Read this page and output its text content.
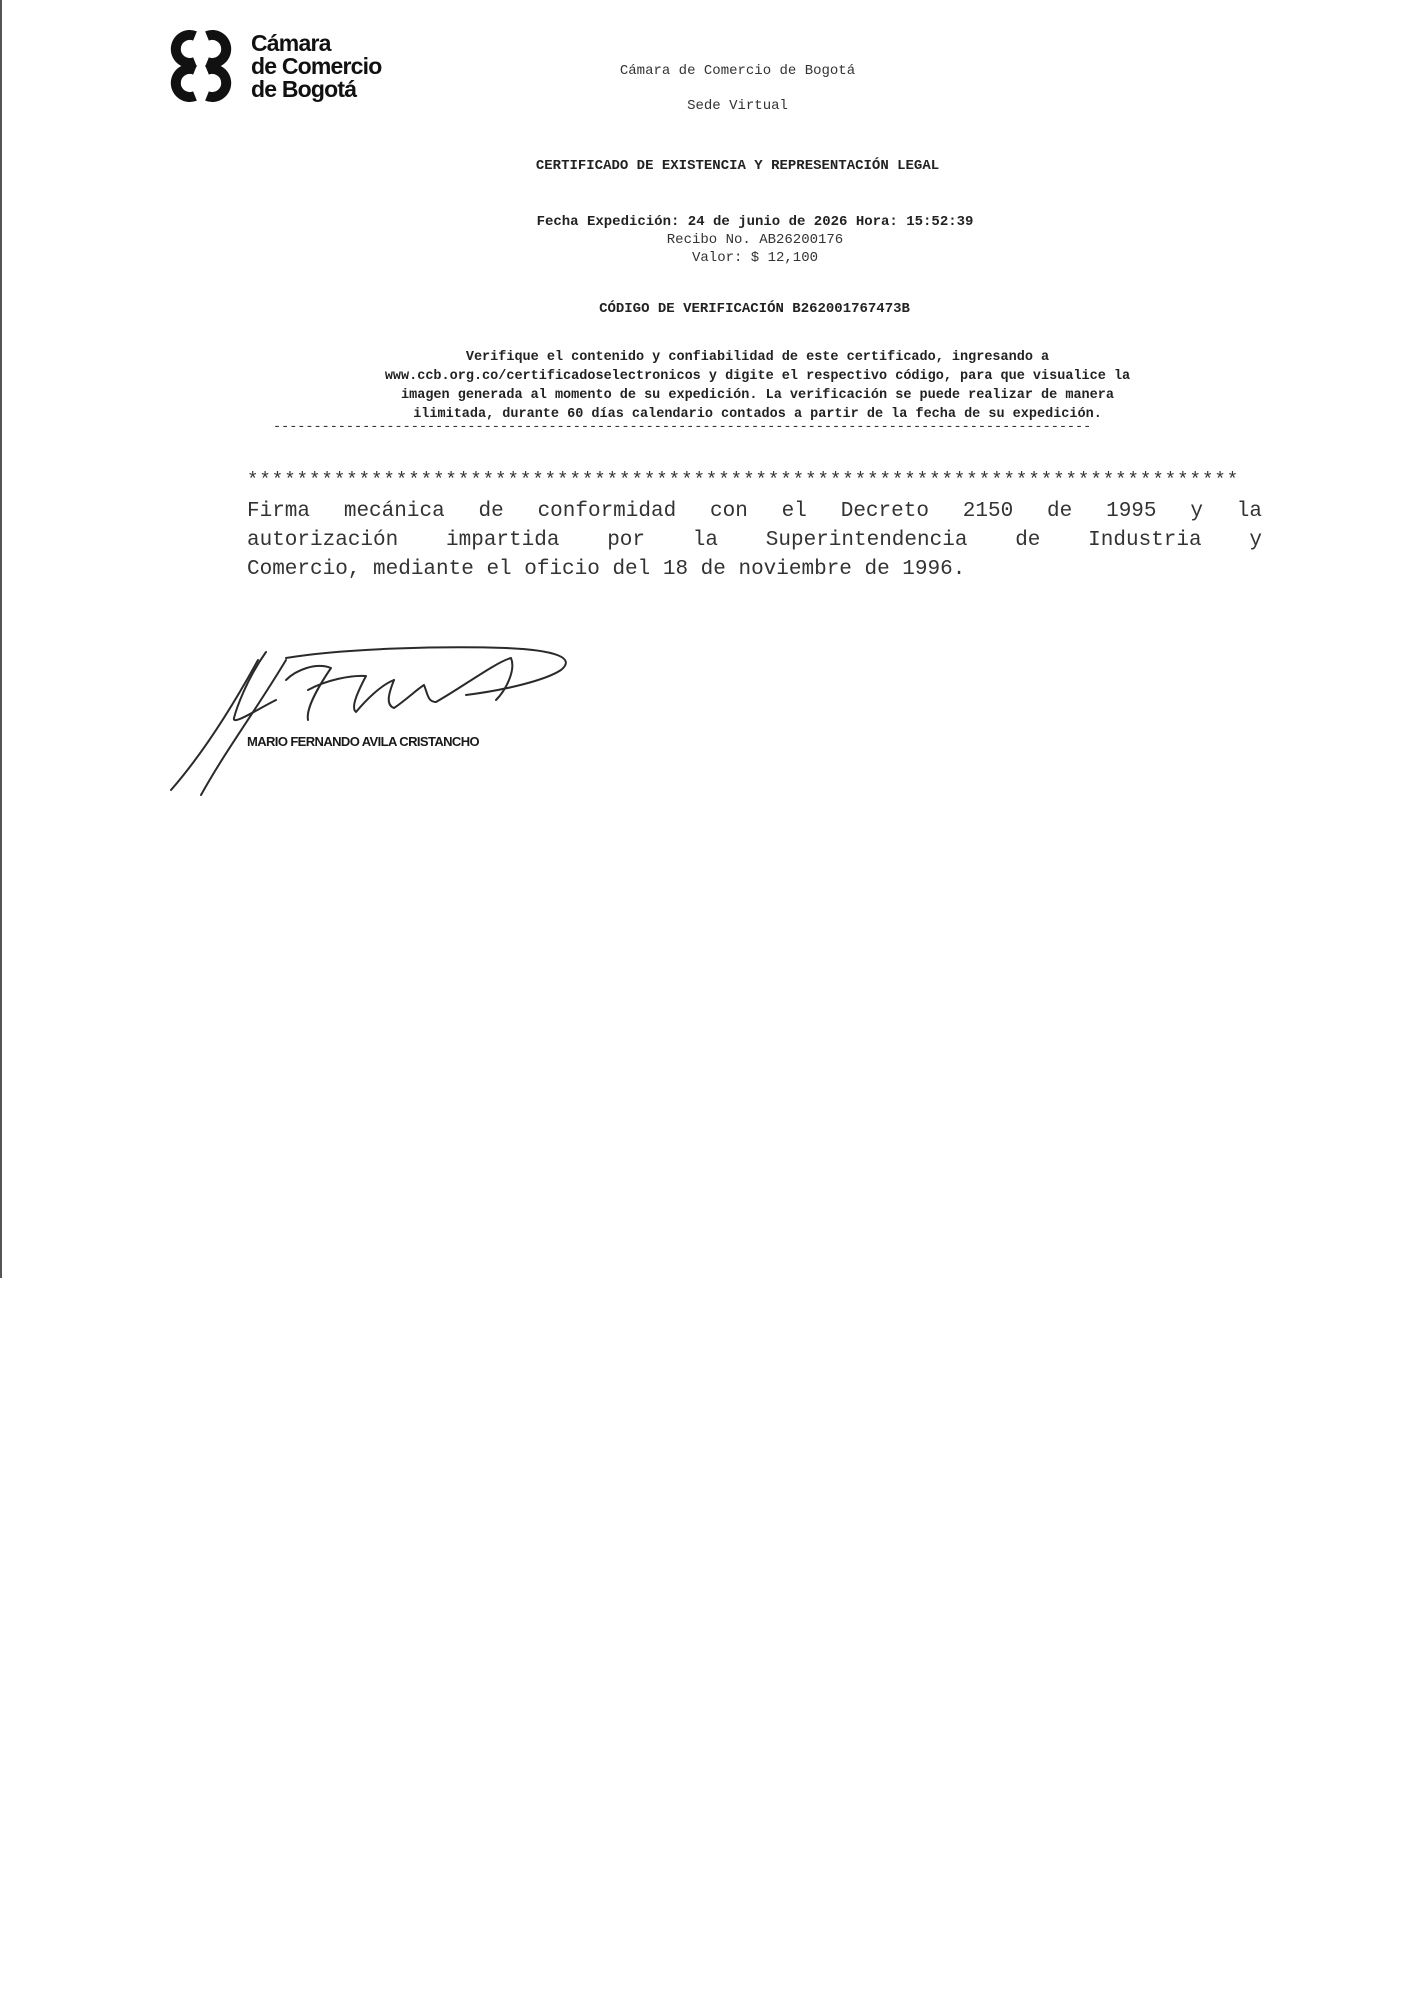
Cámara
de Comercio
de Bogotá
Cámara de Comercio de Bogotá
Sede Virtual
CERTIFICADO DE EXISTENCIA Y REPRESENTACIÓN LEGAL
Fecha Expedición: 24 de junio de 2026 Hora: 15:52:39
Recibo No. AB26200176
Valor: $ 12,100
CÓDIGO DE VERIFICACIÓN B262001767473B
Verifique el contenido y confiabilidad de este certificado, ingresando a
www.ccb.org.co/certificadoselectronicos y digite el respectivo código, para que visualice la
imagen generada al momento de su expedición. La verificación se puede realizar de manera
ilimitada, durante 60 días calendario contados a partir de la fecha de su expedición.
-----------------------------------------------------------------------------------------------------
********************************************************************************
Firma mecánica de conformidad con el Decreto 2150 de 1995 y la
autorización impartida por la Superintendencia de Industria y
Comercio, mediante el oficio del 18 de noviembre de 1996.
MARIO FERNANDO AVILA CRISTANCHO
